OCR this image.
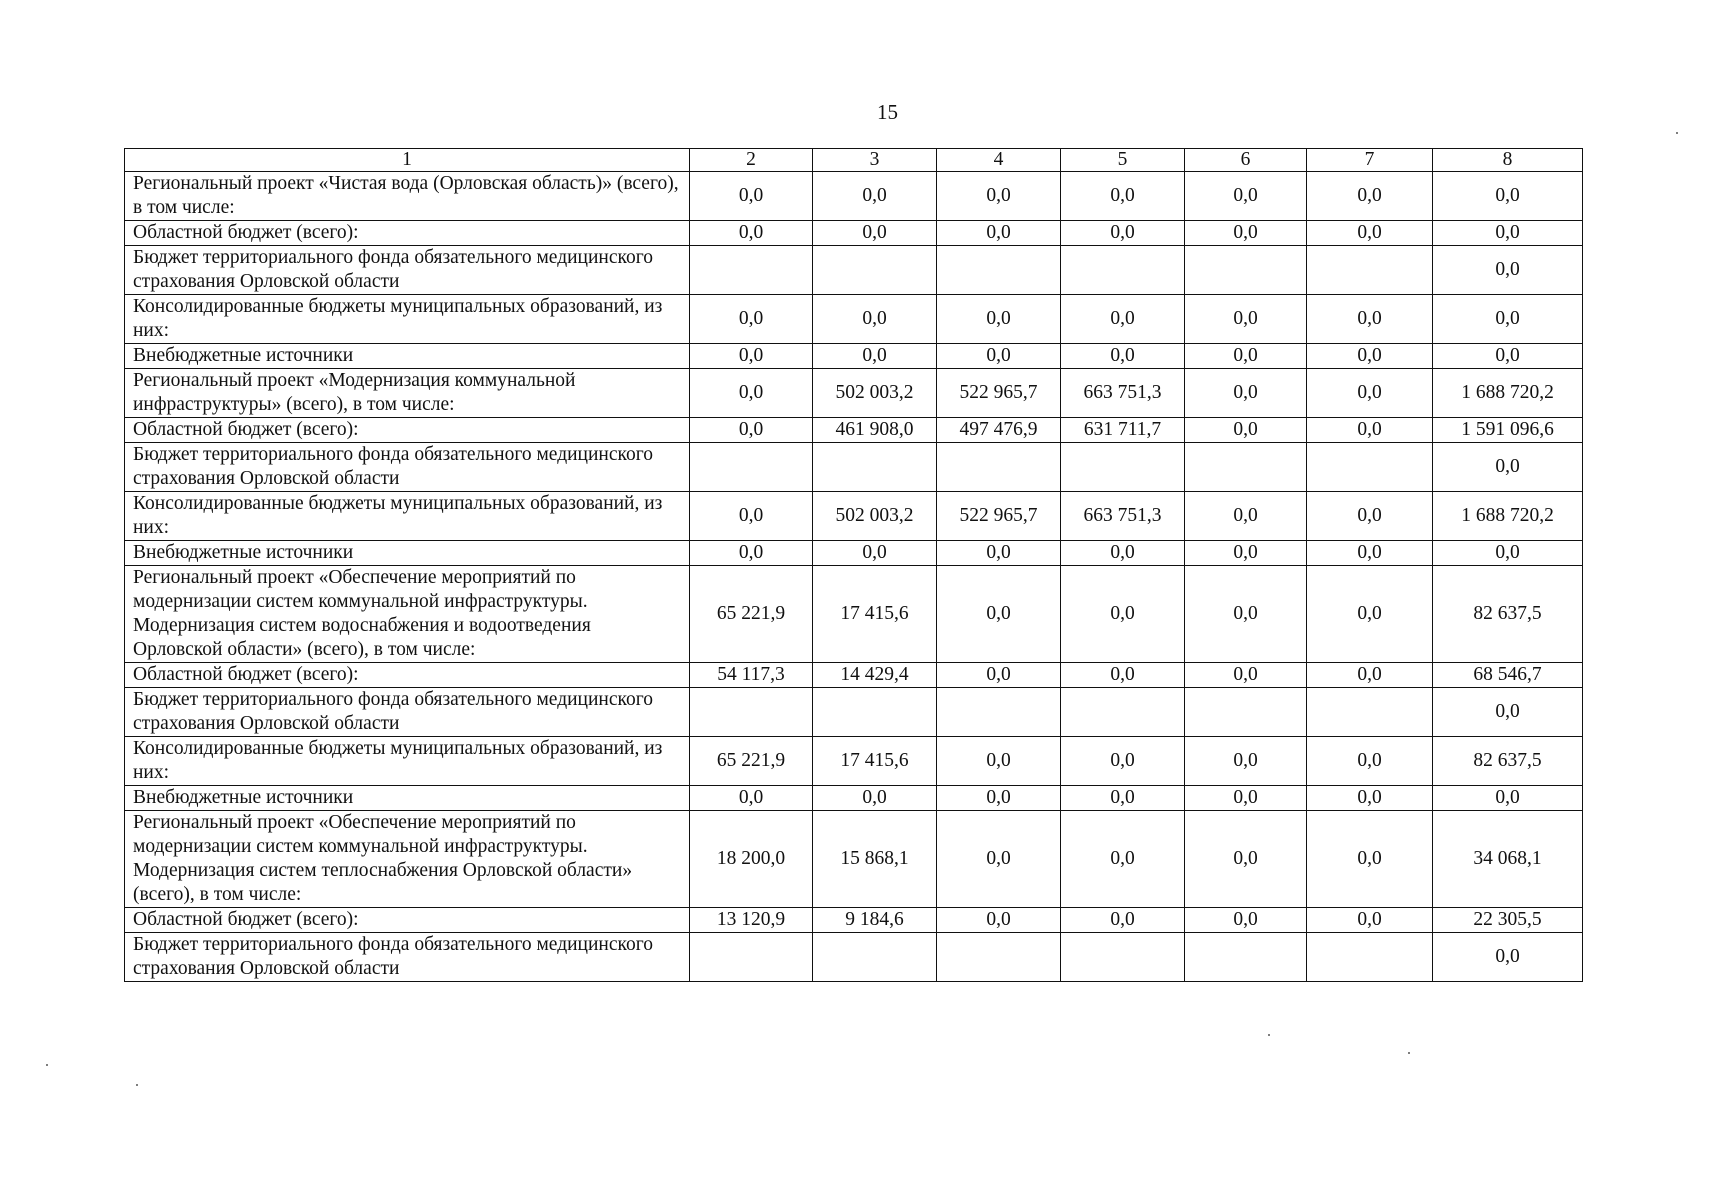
15
1	2	3	4	5	6	7	8
Региональный проект «Чистая вода (Орловская область)» (всего), в том числе:	0,0	0,0	0,0	0,0	0,0	0,0	0,0
Областной бюджет (всего):	0,0	0,0	0,0	0,0	0,0	0,0	0,0
Бюджет территориального фонда обязательного медицинского страхования Орловской области							0,0
Консолидированные бюджеты муниципальных образований, из них:	0,0	0,0	0,0	0,0	0,0	0,0	0,0
Внебюджетные источники	0,0	0,0	0,0	0,0	0,0	0,0	0,0
Региональный проект «Модернизация коммунальной инфраструктуры» (всего), в том числе:	0,0	502 003,2	522 965,7	663 751,3	0,0	0,0	1 688 720,2
Областной бюджет (всего):	0,0	461 908,0	497 476,9	631 711,7	0,0	0,0	1 591 096,6
Бюджет территориального фонда обязательного медицинского страхования Орловской области							0,0
Консолидированные бюджеты муниципальных образований, из них:	0,0	502 003,2	522 965,7	663 751,3	0,0	0,0	1 688 720,2
Внебюджетные источники	0,0	0,0	0,0	0,0	0,0	0,0	0,0
Региональный проект «Обеспечение мероприятий по модернизации систем коммунальной инфраструктуры. Модернизация систем водоснабжения и водоотведения Орловской области» (всего), в том числе:	65 221,9	17 415,6	0,0	0,0	0,0	0,0	82 637,5
Областной бюджет (всего):	54 117,3	14 429,4	0,0	0,0	0,0	0,0	68 546,7
Бюджет территориального фонда обязательного медицинского страхования Орловской области							0,0
Консолидированные бюджеты муниципальных образований, из них:	65 221,9	17 415,6	0,0	0,0	0,0	0,0	82 637,5
Внебюджетные источники	0,0	0,0	0,0	0,0	0,0	0,0	0,0
Региональный проект «Обеспечение мероприятий по модернизации систем коммунальной инфраструктуры. Модернизация систем теплоснабжения Орловской области» (всего), в том числе:	18 200,0	15 868,1	0,0	0,0	0,0	0,0	34 068,1
Областной бюджет (всего):	13 120,9	9 184,6	0,0	0,0	0,0	0,0	22 305,5
Бюджет территориального фонда обязательного медицинского страхования Орловской области							0,0
